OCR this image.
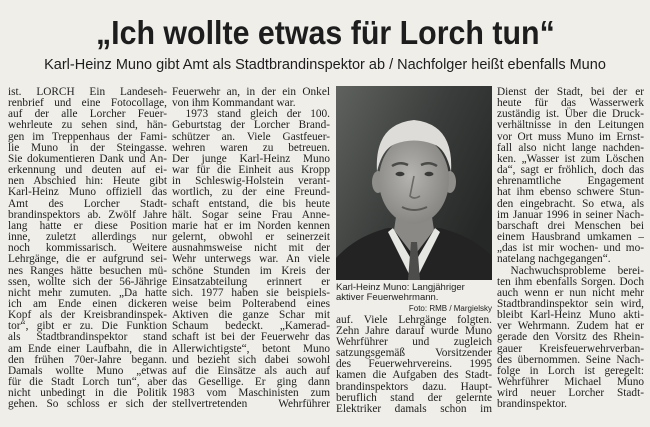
„Ich wollte etwas für Lorch tun“
Karl-Heinz Muno gibt Amt als Stadtbrandinspektor ab / Nachfolger heißt ebenfalls Muno
ist. LORCH Ein Landeseh-
renbrief und eine Fotocollage,
auf der alle Lorcher Feuer-
wehrleute zu sehen sind, hän-
gen im Treppenhaus der Fami-
lie Muno in der Steingasse.
Sie dokumentieren Dank und An-
erkennung und deuten auf ei-
nen Abschied hin: Heute gibt
Karl-Heinz Muno offiziell das
Amt des Lorcher Stadt-
brandinspektors ab. Zwölf Jahre
lang hatte er diese Position
inne, zuletzt allerdings nur
noch kommissarisch. Weitere
Lehrgänge, die er aufgrund sei-
nes Ranges hätte besuchen mü-
ssen, wollte sich der 56-Jährige
nicht mehr zumuten. „Da hatte
ich am Ende einen dickeren
Kopf als der Kreisbrandinspek-
tor“, gibt er zu. Die Funktion
als Stadtbrandinspektor stand
am Ende einer Laufbahn, die in
den frühen 70er-Jahre begann.
Damals wollte Muno „etwas
für die Stadt Lorch tun“, aber
nicht unbedingt in die Politik
gehen. So schloss er sich der
Feuerwehr an, in der ein Onkel
von ihm Kommandant war.
1973 stand gleich der 100.
Geburtstag der Lorcher Brand-
schützer an. Viele Gastfeuer-
wehren waren zu betreuen.
Der junge Karl-Heinz Muno
war für die Einheit aus Kropp
in Schleswig-Holstein verant-
wortlich, zu der eine Freund-
schaft entstand, die bis heute
hält. Sogar seine Frau Anne-
marie hat er im Norden kennen
gelernt, obwohl er seinerzeit
ausnahmsweise nicht mit der
Wehr unterwegs war. An viele
schöne Stunden im Kreis der
Einsatzabteilung erinnert er
sich. 1977 haben sie beispiels-
weise beim Polterabend eines
Aktiven die ganze Schar mit
Schaum bedeckt. „Kamerad-
schaft ist bei der Feuerwehr das
Allerwichtigste“, betont Muno
und bezieht sich dabei sowohl
auf die Einsätze als auch auf
das Gesellige. Er ging dann
1983 vom Maschinisten zum
stellvertretenden Wehrführer
Karl-Heinz Muno: Langjähriger aktiver Feuerwehrmann.
Foto: RMB / Margielsky
auf. Viele Lehrgänge folgten.
Zehn Jahre darauf wurde Muno
Wehrführer und zugleich
satzungsgemäß Vorsitzender
des Feuerwehrvereins. 1995
kamen die Aufgaben des Stadt-
brandinspektors dazu. Haupt-
beruflich stand der gelernte
Elektriker damals schon im
Dienst der Stadt, bei der er
heute für das Wasserwerk
zuständig ist. Über die Druck-
verhältnisse in den Leitungen
vor Ort muss Muno im Ernst-
fall also nicht lange nachden-
ken. „Wasser ist zum Löschen
da“, sagt er fröhlich, doch das
ehrenamtliche Engagement
hat ihm ebenso schwere Stun-
den eingebracht. So etwa, als
im Januar 1996 in seiner Nach-
barschaft drei Menschen bei
einem Hausbrand umkamen –
„das ist mir wochen- und mo-
natelang nachgegangen“.
Nachwuchsprobleme berei-
ten ihm ebenfalls Sorgen. Doch
auch wenn er nun nicht mehr
Stadtbrandinspektor sein wird,
bleibt Karl-Heinz Muno akti-
ver Wehrmann. Zudem hat er
gerade den Vorsitz des Rhein-
gauer Kreisfeuerwehrverban-
des übernommen. Seine Nach-
folge in Lorch ist geregelt:
Wehrführer Michael Muno
wird neuer Lorcher Stadt-
brandinspektor.
